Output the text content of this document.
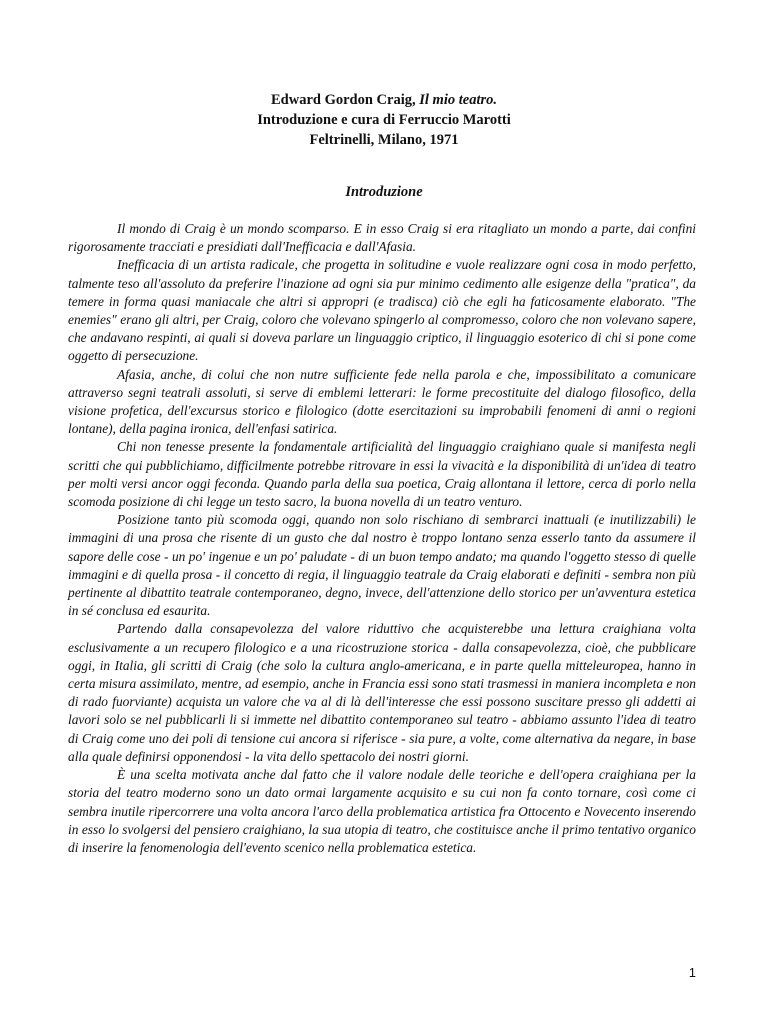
Edward Gordon Craig, Il mio teatro.
Introduzione e cura di Ferruccio Marotti
Feltrinelli, Milano, 1971
Introduzione

Il mondo di Craig è un mondo scomparso. E in esso Craig si era ritagliato un mondo a parte, dai confini rigorosamente tracciati e presidiati dall'Inefficacia e dall'Afasia.

Inefficacia di un artista radicale, che progetta in solitudine e vuole realizzare ogni cosa in modo perfetto, talmente teso all'assoluto da preferire l'inazione ad ogni sia pur minimo cedimento alle esigenze della "pratica", da temere in forma quasi maniacale che altri si appropri (e tradisca) ciò che egli ha faticosamente elaborato. "The enemies" erano gli altri, per Craig, coloro che volevano spingerlo al compromesso, coloro che non volevano sapere, che andavano respinti, ai quali si doveva parlare un linguaggio criptico, il linguaggio esoterico di chi si pone come oggetto di persecuzione.

Afasia, anche, di colui che non nutre sufficiente fede nella parola e che, impossibilitato a comunicare attraverso segni teatrali assoluti, si serve di emblemi letterari: le forme precostituite del dialogo filosofico, della visione profetica, dell'excursus storico e filologico (dotte esercitazioni su improbabili fenomeni di anni o regioni lontane), della pagina ironica, dell'enfasi satirica.

Chi non tenesse presente la fondamentale artificialità del linguaggio craighiano quale si manifesta negli scritti che qui pubblichiamo, difficilmente potrebbe ritrovare in essi la vivacità e la disponibilità di un'idea di teatro per molti versi ancor oggi feconda. Quando parla della sua poetica, Craig allontana il lettore, cerca di porlo nella scomoda posizione di chi legge un testo sacro, la buona novella di un teatro venturo.

Posizione tanto più scomoda oggi, quando non solo rischiano di sembrarci inattuali (e inutilizzabili) le immagini di una prosa che risente di un gusto che dal nostro è troppo lontano senza esserlo tanto da assumere il sapore delle cose - un po' ingenue e un po' paludate - di un buon tempo andato; ma quando l'oggetto stesso di quelle immagini e di quella prosa - il concetto di regia, il linguaggio teatrale da Craig elaborati e definiti - sembra non più pertinente al dibattito teatrale contemporaneo, degno, invece, dell'attenzione dello storico per un'avventura estetica in sé conclusa ed esaurita.

Partendo dalla consapevolezza del valore riduttivo che acquisterebbe una lettura craighiana volta esclusivamente a un recupero filologico e a una ricostruzione storica - dalla consapevolezza, cioè, che pubblicare oggi, in Italia, gli scritti di Craig (che solo la cultura anglo-americana, e in parte quella mitteleuropea, hanno in certa misura assimilato, mentre, ad esempio, anche in Francia essi sono stati trasmessi in maniera incompleta e non di rado fuorviante) acquista un valore che va al di là dell'interesse che essi possono suscitare presso gli addetti ai lavori solo se nel pubblicarli li si immette nel dibattito contemporaneo sul teatro - abbiamo assunto l'idea di teatro di Craig come uno dei poli di tensione cui ancora si riferisce - sia pure, a volte, come alternativa da negare, in base alla quale definirsi opponendosi - la vita dello spettacolo dei nostri giorni.

È una scelta motivata anche dal fatto che il valore nodale delle teoriche e dell'opera craighiana per la storia del teatro moderno sono un dato ormai largamente acquisito e su cui non fa conto tornare, così come ci sembra inutile ripercorrere una volta ancora l'arco della problematica artistica fra Ottocento e Novecento inserendo in esso lo svolgersi del pensiero craighiano, la sua utopia di teatro, che costituisce anche il primo tentativo organico di inserire la fenomenologia dell'evento scenico nella problematica estetica.

1
